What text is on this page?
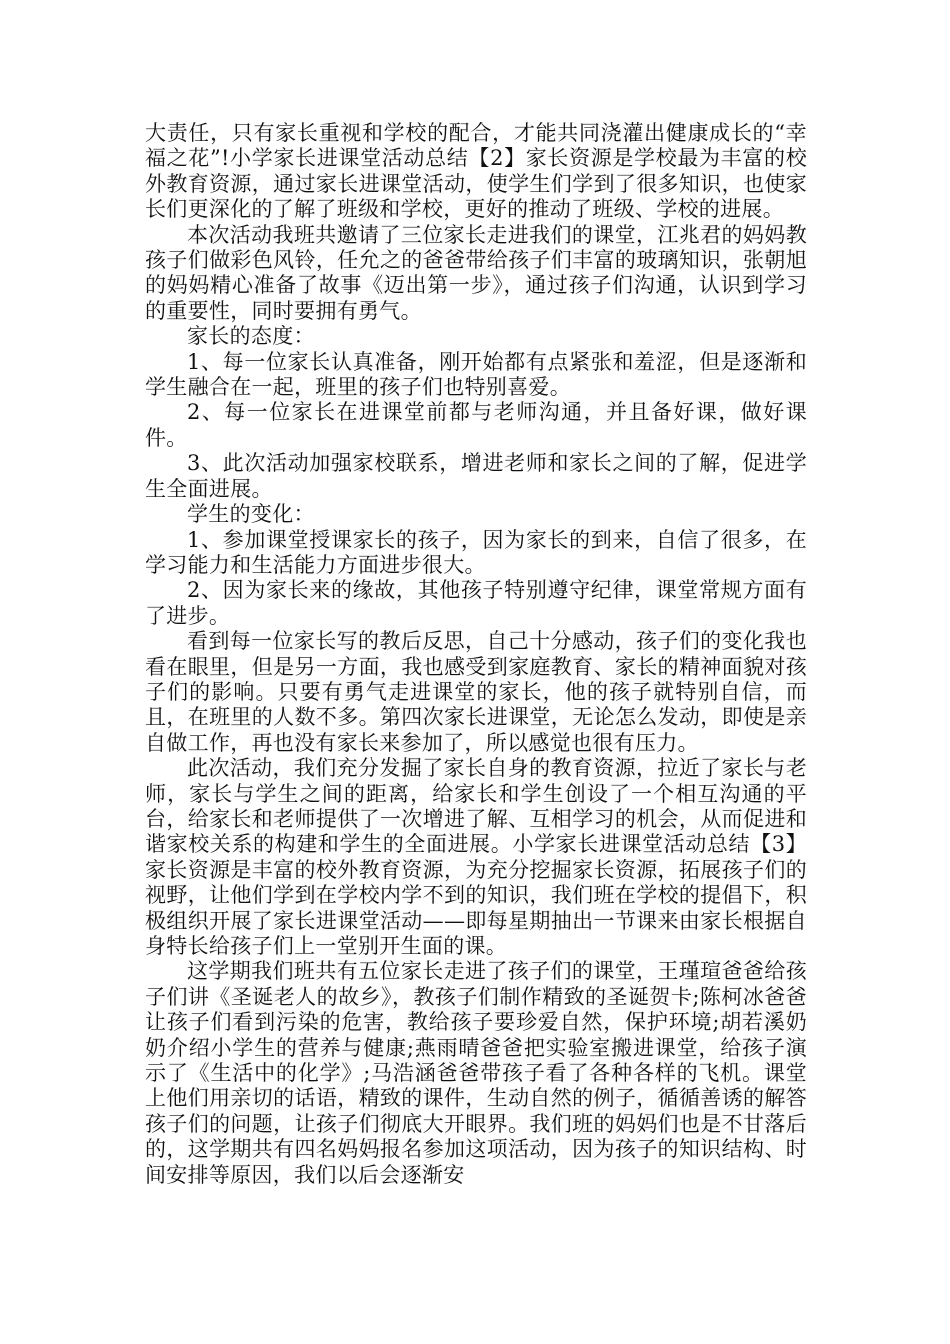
大责任，只有家长重视和学校的配合，才能共同浇灌出健康成长的“幸福之花”!小学家长进课堂活动总结【2】家长资源是学校最为丰富的校外教育资源，通过家长进课堂活动，使学生们学到了很多知识，也使家长们更深化的了解了班级和学校，更好的推动了班级、学校的进展。

本次活动我班共邀请了三位家长走进我们的课堂，江兆君的妈妈教孩子们做彩色风铃，任允之的爸爸带给孩子们丰富的玻璃知识，张朝旭的妈妈精心准备了故事《迈出第一步》，通过孩子们沟通，认识到学习的重要性，同时要拥有勇气。

家长的态度：

1、每一位家长认真准备，刚开始都有点紧张和羞涩，但是逐渐和学生融合在一起，班里的孩子们也特别喜爱。

2、每一位家长在进课堂前都与老师沟通，并且备好课，做好课件。

3、此次活动加强家校联系，增进老师和家长之间的了解，促进学生全面进展。

学生的变化：

1、参加课堂授课家长的孩子，因为家长的到来，自信了很多，在学习能力和生活能力方面进步很大。

2、因为家长来的缘故，其他孩子特别遵守纪律，课堂常规方面有了进步。

看到每一位家长写的教后反思，自己十分感动，孩子们的变化我也看在眼里，但是另一方面，我也感受到家庭教育、家长的精神面貌对孩子们的影响。只要有勇气走进课堂的家长，他的孩子就特别自信，而且，在班里的人数不多。第四次家长进课堂，无论怎么发动，即使是亲自做工作，再也没有家长来参加了，所以感觉也很有压力。

此次活动，我们充分发掘了家长自身的教育资源，拉近了家长与老师，家长与学生之间的距离，给家长和学生创设了一个相互沟通的平台，给家长和老师提供了一次增进了解、互相学习的机会，从而促进和谐家校关系的构建和学生的全面进展。小学家长进课堂活动总结【3】家长资源是丰富的校外教育资源，为充分挖掘家长资源，拓展孩子们的视野，让他们学到在学校内学不到的知识，我们班在学校的提倡下，积极组织开展了家长进课堂活动——即每星期抽出一节课来由家长根据自身特长给孩子们上一堂别开生面的课。

这学期我们班共有五位家长走进了孩子们的课堂，王瑾瑄爸爸给孩子们讲《圣诞老人的故乡》，教孩子们制作精致的圣诞贺卡;陈柯冰爸爸让孩子们看到污染的危害，教给孩子要珍爱自然，保护环境;胡若溪奶奶介绍小学生的营养与健康;燕雨晴爸爸把实验室搬进课堂，给孩子演示了《生活中的化学》;马浩涵爸爸带孩子看了各种各样的飞机。课堂上他们用亲切的话语，精致的课件，生动自然的例子，循循善诱的解答孩子们的问题，让孩子们彻底大开眼界。我们班的妈妈们也是不甘落后的，这学期共有四名妈妈报名参加这项活动，因为孩子的知识结构、时间安排等原因，我们以后会逐渐安
